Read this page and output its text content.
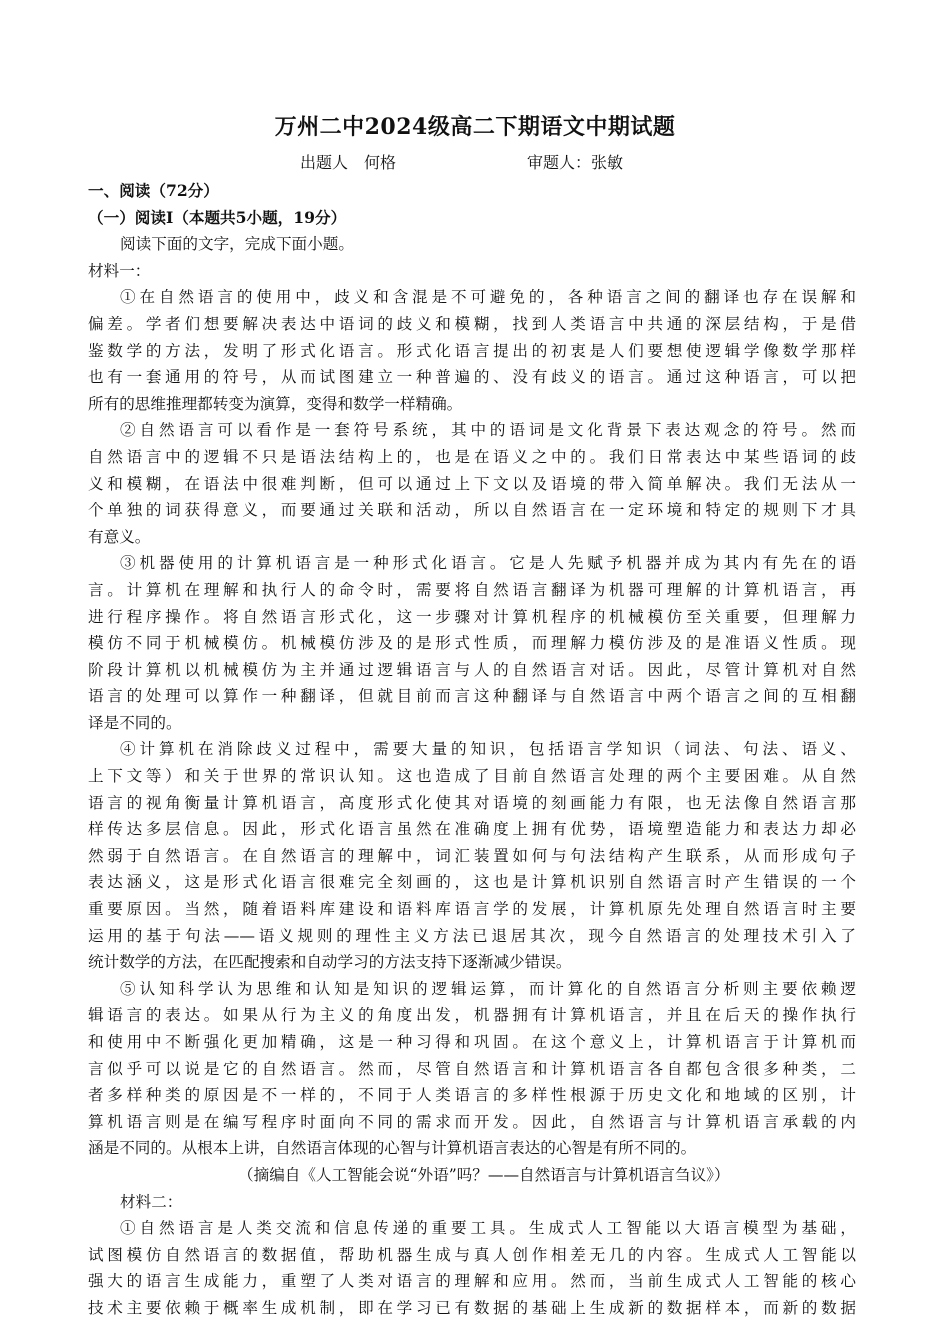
万州二中2024级高二下期语文中期试题
出题人　何格	审题人：张敏
一、阅读（72分）
（一）阅读Ⅰ（本题共5小题，19分）
阅读下面的文字，完成下面小题。
材料一：
①在自然语言的使用中，歧义和含混是不可避免的，各种语言之间的翻译也存在误解和
偏差。学者们想要解决表达中语词的歧义和模糊，找到人类语言中共通的深层结构，于是借
鉴数学的方法，发明了形式化语言。形式化语言提出的初衷是人们要想使逻辑学像数学那样
也有一套通用的符号，从而试图建立一种普遍的、没有歧义的语言。通过这种语言，可以把
所有的思维推理都转变为演算，变得和数学一样精确。
②自然语言可以看作是一套符号系统，其中的语词是文化背景下表达观念的符号。然而
自然语言中的逻辑不只是语法结构上的，也是在语义之中的。我们日常表达中某些语词的歧
义和模糊，在语法中很难判断，但可以通过上下文以及语境的带入简单解决。我们无法从一
个单独的词获得意义，而要通过关联和活动，所以自然语言在一定环境和特定的规则下才具
有意义。
③机器使用的计算机语言是一种形式化语言。它是人先赋予机器并成为其内有先在的语
言。计算机在理解和执行人的命令时，需要将自然语言翻译为机器可理解的计算机语言，再
进行程序操作。将自然语言形式化，这一步骤对计算机程序的机械模仿至关重要，但理解力
模仿不同于机械模仿。机械模仿涉及的是形式性质，而理解力模仿涉及的是准语义性质。现
阶段计算机以机械模仿为主并通过逻辑语言与人的自然语言对话。因此，尽管计算机对自然
语言的处理可以算作一种翻译，但就目前而言这种翻译与自然语言中两个语言之间的互相翻
译是不同的。
④计算机在消除歧义过程中，需要大量的知识，包括语言学知识（词法、句法、语义、
上下文等）和关于世界的常识认知。这也造成了目前自然语言处理的两个主要困难。从自然
语言的视角衡量计算机语言，高度形式化使其对语境的刻画能力有限，也无法像自然语言那
样传达多层信息。因此，形式化语言虽然在准确度上拥有优势，语境塑造能力和表达力却必
然弱于自然语言。在自然语言的理解中，词汇装置如何与句法结构产生联系，从而形成句子
表达涵义，这是形式化语言很难完全刻画的，这也是计算机识别自然语言时产生错误的一个
重要原因。当然，随着语料库建设和语料库语言学的发展，计算机原先处理自然语言时主要
运用的基于句法——语义规则的理性主义方法已退居其次，现今自然语言的处理技术引入了
统计数学的方法，在匹配搜索和自动学习的方法支持下逐渐减少错误。
⑤认知科学认为思维和认知是知识的逻辑运算，而计算化的自然语言分析则主要依赖逻
辑语言的表达。如果从行为主义的角度出发，机器拥有计算机语言，并且在后天的操作执行
和使用中不断强化更加精确，这是一种习得和巩固。在这个意义上，计算机语言于计算机而
言似乎可以说是它的自然语言。然而，尽管自然语言和计算机语言各自都包含很多种类，二
者多样种类的原因是不一样的，不同于人类语言的多样性根源于历史文化和地域的区别，计
算机语言则是在编写程序时面向不同的需求而开发。因此，自然语言与计算机语言承载的内
涵是不同的。从根本上讲，自然语言体现的心智与计算机语言表达的心智是有所不同的。
（摘编自《人工智能会说“外语”吗？——自然语言与计算机语言刍议》）
材料二：
①自然语言是人类交流和信息传递的重要工具。生成式人工智能以大语言模型为基础，
试图模仿自然语言的数据值，帮助机器生成与真人创作相差无几的内容。生成式人工智能以
强大的语言生成能力，重塑了人类对语言的理解和应用。然而，当前生成式人工智能的核心
技术主要依赖于概率生成机制，即在学习已有数据的基础上生成新的数据样本，而新的数据
